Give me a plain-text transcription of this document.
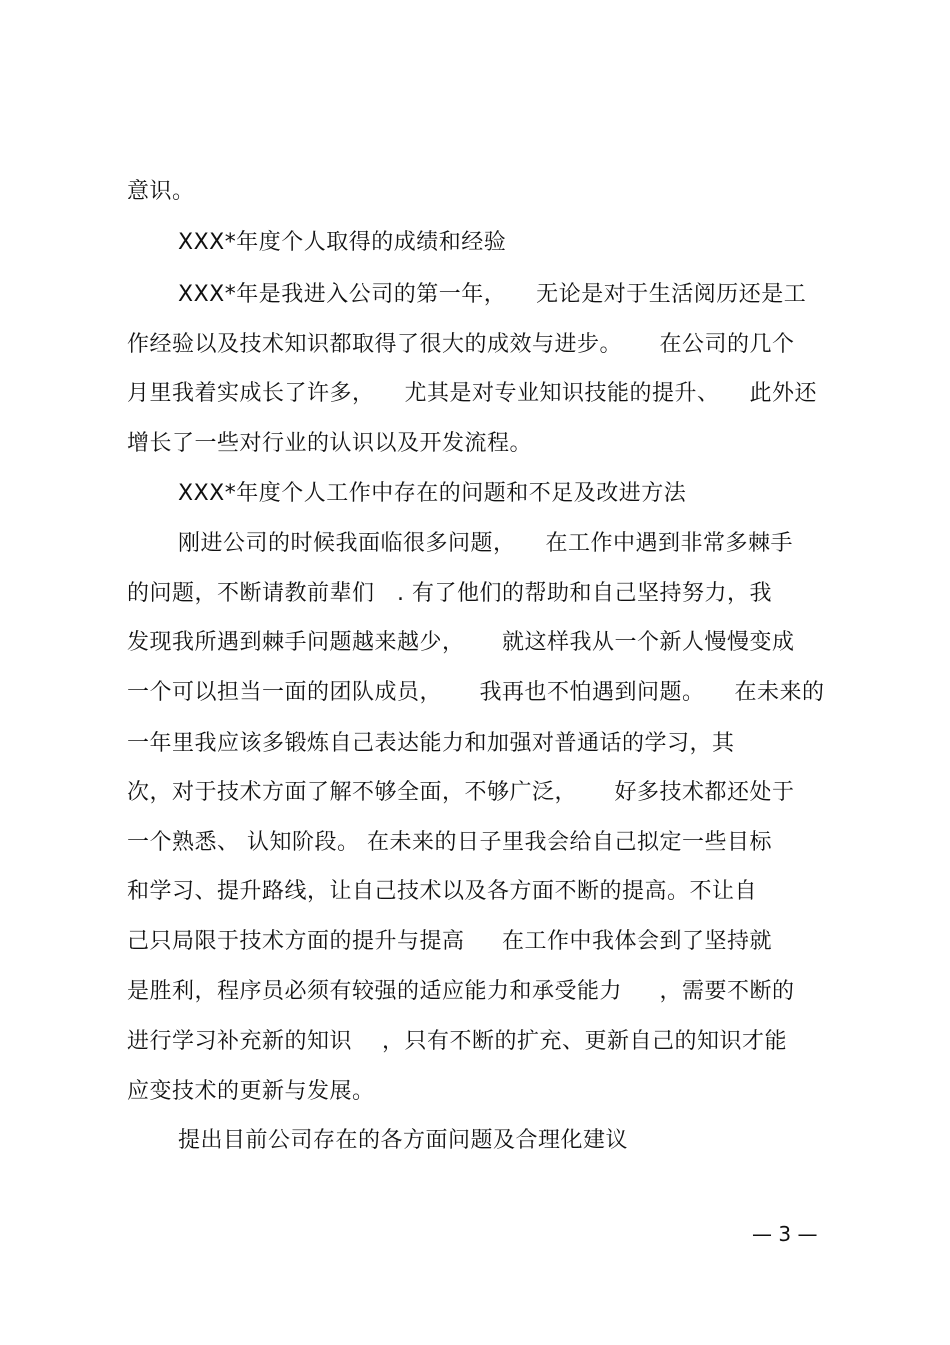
意识。
XXX*年度个人取得的成绩和经验
XXX*年是我进入公司的第一年，    无论是对于生活阅历还是工
作经验以及技术知识都取得了很大的成效与进步。     在公司的几个
月里我着实成长了许多，    尤其是对专业知识技能的提升、    此外还
增长了一些对行业的认识以及开发流程。
XXX*年度个人工作中存在的问题和不足及改进方法
刚进公司的时候我面临很多问题，    在工作中遇到非常多棘手
的问题，不断请教前辈们   . 有了他们的帮助和自己坚持努力，我
发现我所遇到棘手问题越来越少，     就这样我从一个新人慢慢变成
一个可以担当一面的团队成员，     我再也不怕遇到问题。    在未来的
一年里我应该多锻炼自己表达能力和加强对普通话的学习，其
次，对于技术方面了解不够全面，不够广泛，     好多技术都还处于
一个熟悉、 认知阶段。 在未来的日子里我会给自己拟定一些目标
和学习、提升路线，让自己技术以及各方面不断的提高。不让自
己只局限于技术方面的提升与提高     在工作中我体会到了坚持就
是胜利，程序员必须有较强的适应能力和承受能力     ，需要不断的
进行学习补充新的知识    ，只有不断的扩充、更新自己的知识才能
应变技术的更新与发展。
提出目前公司存在的各方面问题及合理化建议
— 3 —
